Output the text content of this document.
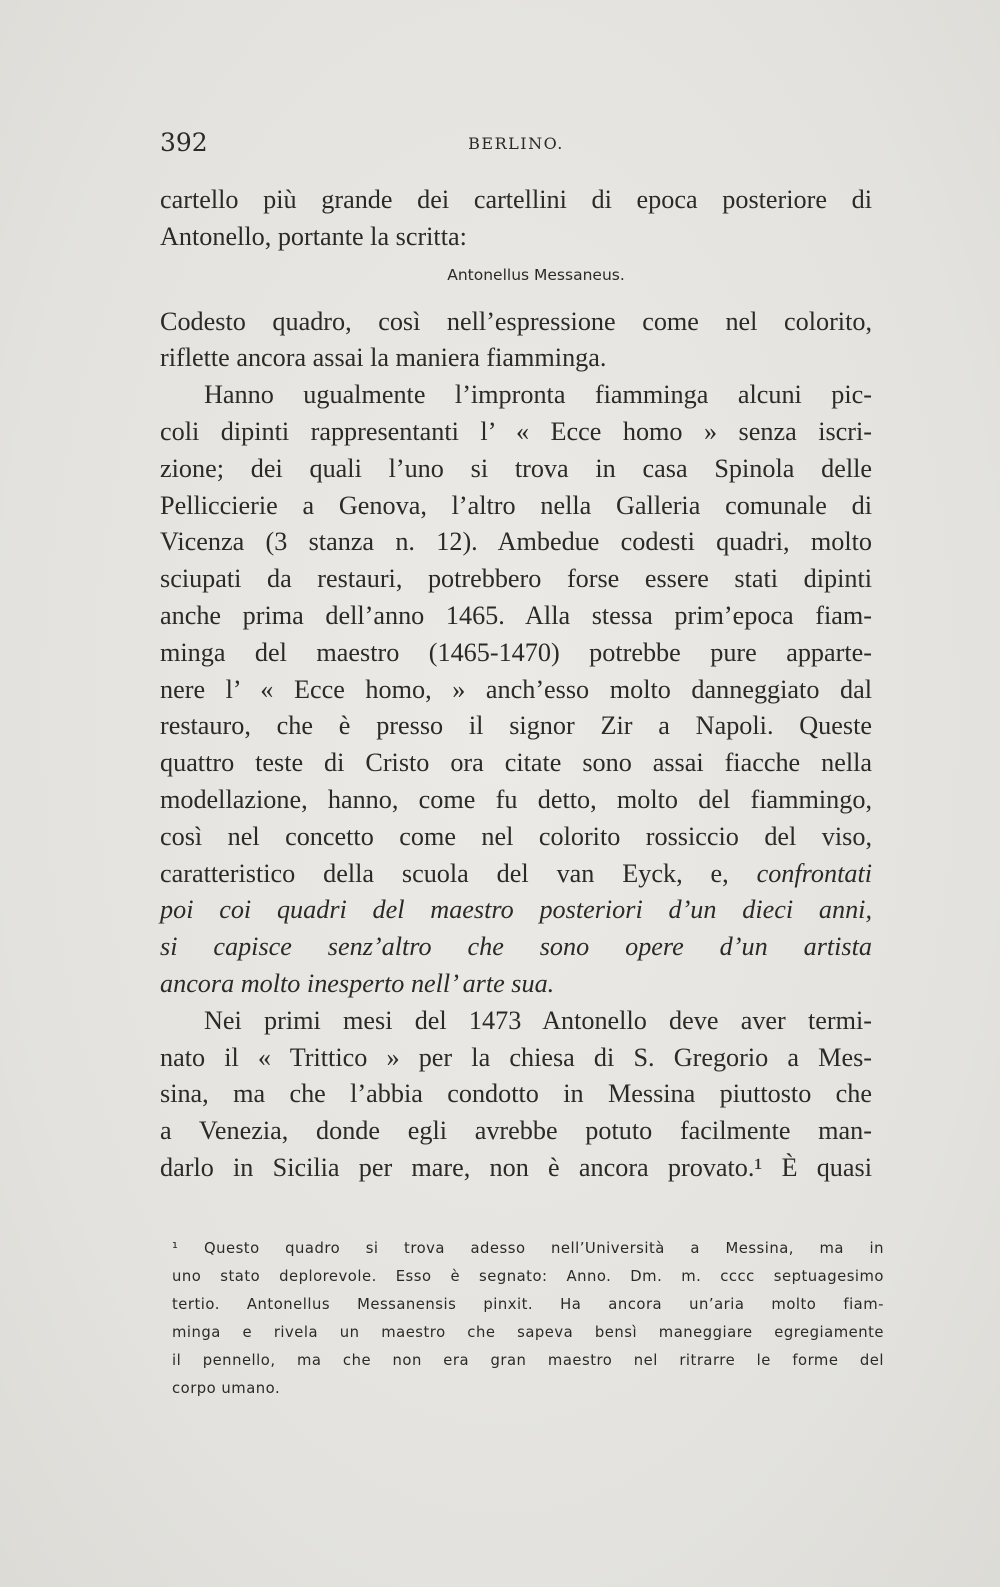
392	BERLINO.

cartello più grande dei cartellini di epoca posteriore di
Antonello, portante la scritta:

Antonellus Messaneus.

Codesto quadro, così nell’espressione come nel colorito,
riflette ancora assai la maniera fiamminga.

Hanno ugualmente l’impronta fiamminga alcuni pic-
coli dipinti rappresentanti l’ « Ecce homo » senza iscri-
zione; dei quali l’uno si trova in casa Spinola delle
Pelliccierie a Genova, l’altro nella Galleria comunale di
Vicenza (3 stanza n. 12). Ambedue codesti quadri, molto
sciupati da restauri, potrebbero forse essere stati dipinti
anche prima dell’anno 1465. Alla stessa prim’epoca fiam-
minga del maestro (1465-1470) potrebbe pure apparte-
nere l’ « Ecce homo, » anch’esso molto danneggiato dal
restauro, che è presso il signor Zir a Napoli. Queste
quattro teste di Cristo ora citate sono assai fiacche nella
modellazione, hanno, come fu detto, molto del fiammingo,
così nel concetto come nel colorito rossiccio del viso,
caratteristico della scuola del van Eyck, e, confrontati
poi coi quadri del maestro posteriori d’un dieci anni,
si capisce senz’altro che sono opere d’un artista
ancora molto inesperto nell’ arte sua.

Nei primi mesi del 1473 Antonello deve aver termi-
nato il « Trittico » per la chiesa di S. Gregorio a Mes-
sina, ma che l’abbia condotto in Messina piuttosto che
a Venezia, donde egli avrebbe potuto facilmente man-
darlo in Sicilia per mare, non è ancora provato.¹ È quasi

¹ Questo quadro si trova adesso nell’Università a Messina, ma in
uno stato deplorevole. Esso è segnato: Anno. Dm. m. cccc septuagesimo
tertio. Antonellus Messanensis pinxit. Ha ancora un’aria molto fiam-
minga e rivela un maestro che sapeva bensì maneggiare egregiamente
il pennello, ma che non era gran maestro nel ritrarre le forme del
corpo umano.
